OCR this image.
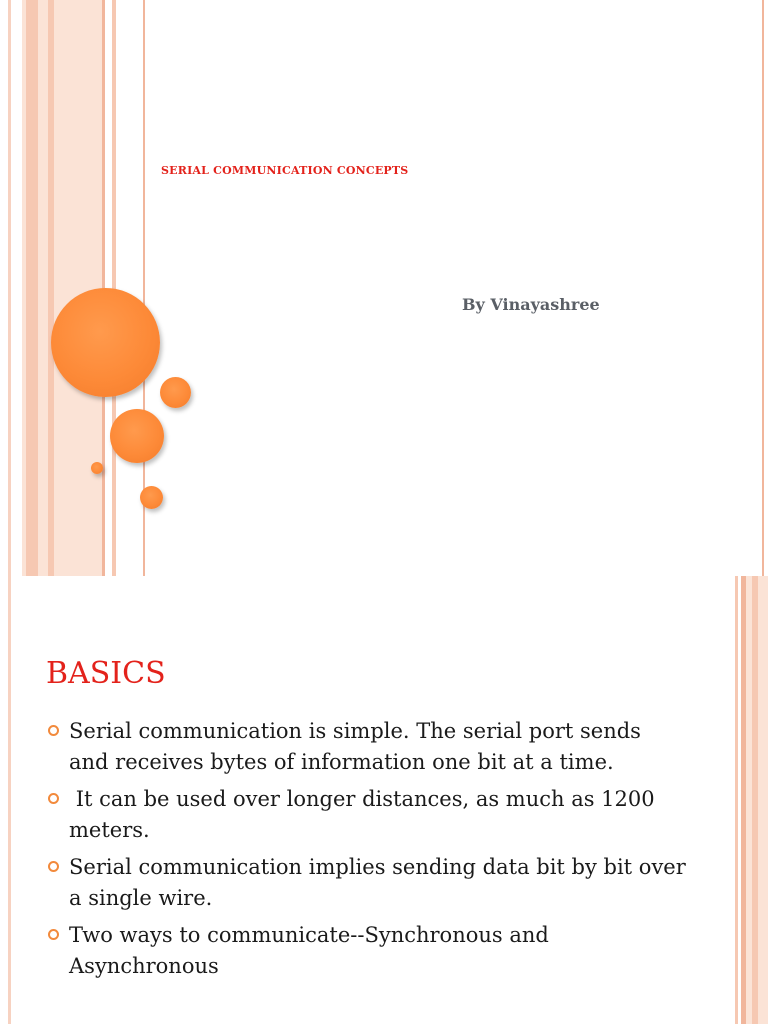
SERIAL COMMUNICATION CONCEPTS
By Vinayashree
BASICS
Serial communication is simple. The serial port sends and receives bytes of information one bit at a time.
It can be used over longer distances, as much as 1200 meters.
Serial communication implies sending data bit by bit over a single wire.
Two ways to communicate--Synchronous and Asynchronous
